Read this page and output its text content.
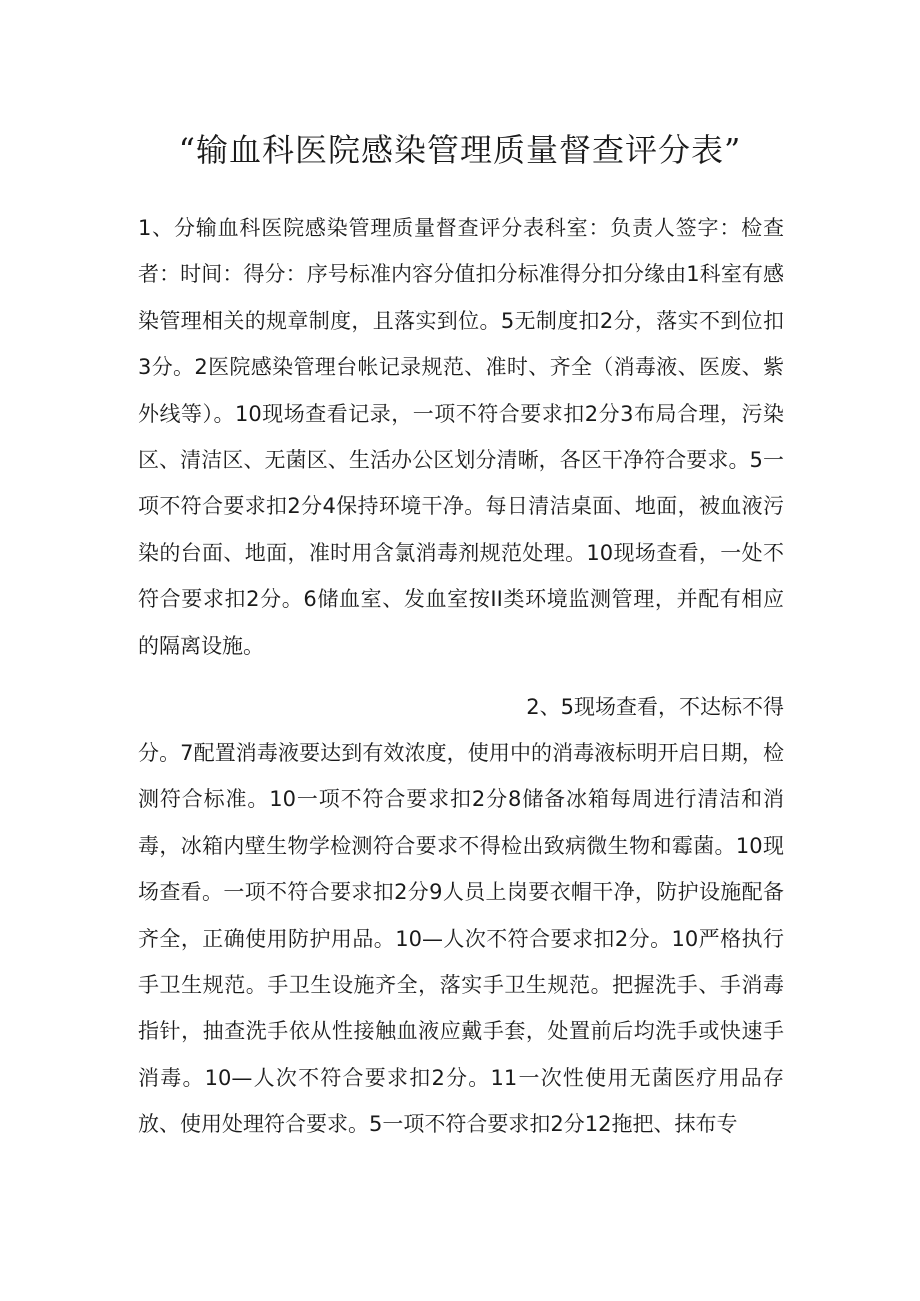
“输血科医院感染管理质量督查评分表”
1、分输血科医院感染管理质量督查评分表科室：负责人签字：检查者：时间：得分：序号标准内容分值扣分标准得分扣分缘由1科室有感染管理相关的规章制度，且落实到位。5无制度扣2分，落实不到位扣3分。2医院感染管理台帐记录规范、准时、齐全（消毒液、医废、紫外线等）。10现场查看记录，一项不符合要求扣2分3布局合理，污染区、清洁区、无菌区、生活办公区划分清晰，各区干净符合要求。5一项不符合要求扣2分4保持环境干净。每日清洁桌面、地面，被血液污染的台面、地面，准时用含氯消毒剂规范处理。10现场查看，一处不符合要求扣2分。6储血室、发血室按II类环境监测管理，并配有相应的隔离设施。
2、5现场查看，不达标不得
分。7配置消毒液要达到有效浓度，使用中的消毒液标明开启日期，检测符合标准。10一项不符合要求扣2分8储备冰箱每周进行清洁和消毒，冰箱内壁生物学检测符合要求不得检出致病微生物和霉菌。10现场查看。一项不符合要求扣2分9人员上岗要衣帽干净，防护设施配备齐全，正确使用防护用品。10—人次不符合要求扣2分。10严格执行手卫生规范。手卫生设施齐全，落实手卫生规范。把握洗手、手消毒指针，抽查洗手依从性接触血液应戴手套，处置前后均洗手或快速手消毒。10—人次不符合要求扣2分。11一次性使用无菌医疗用品存放、使用处理符合要求。5一项不符合要求扣2分12拖把、抹布专
